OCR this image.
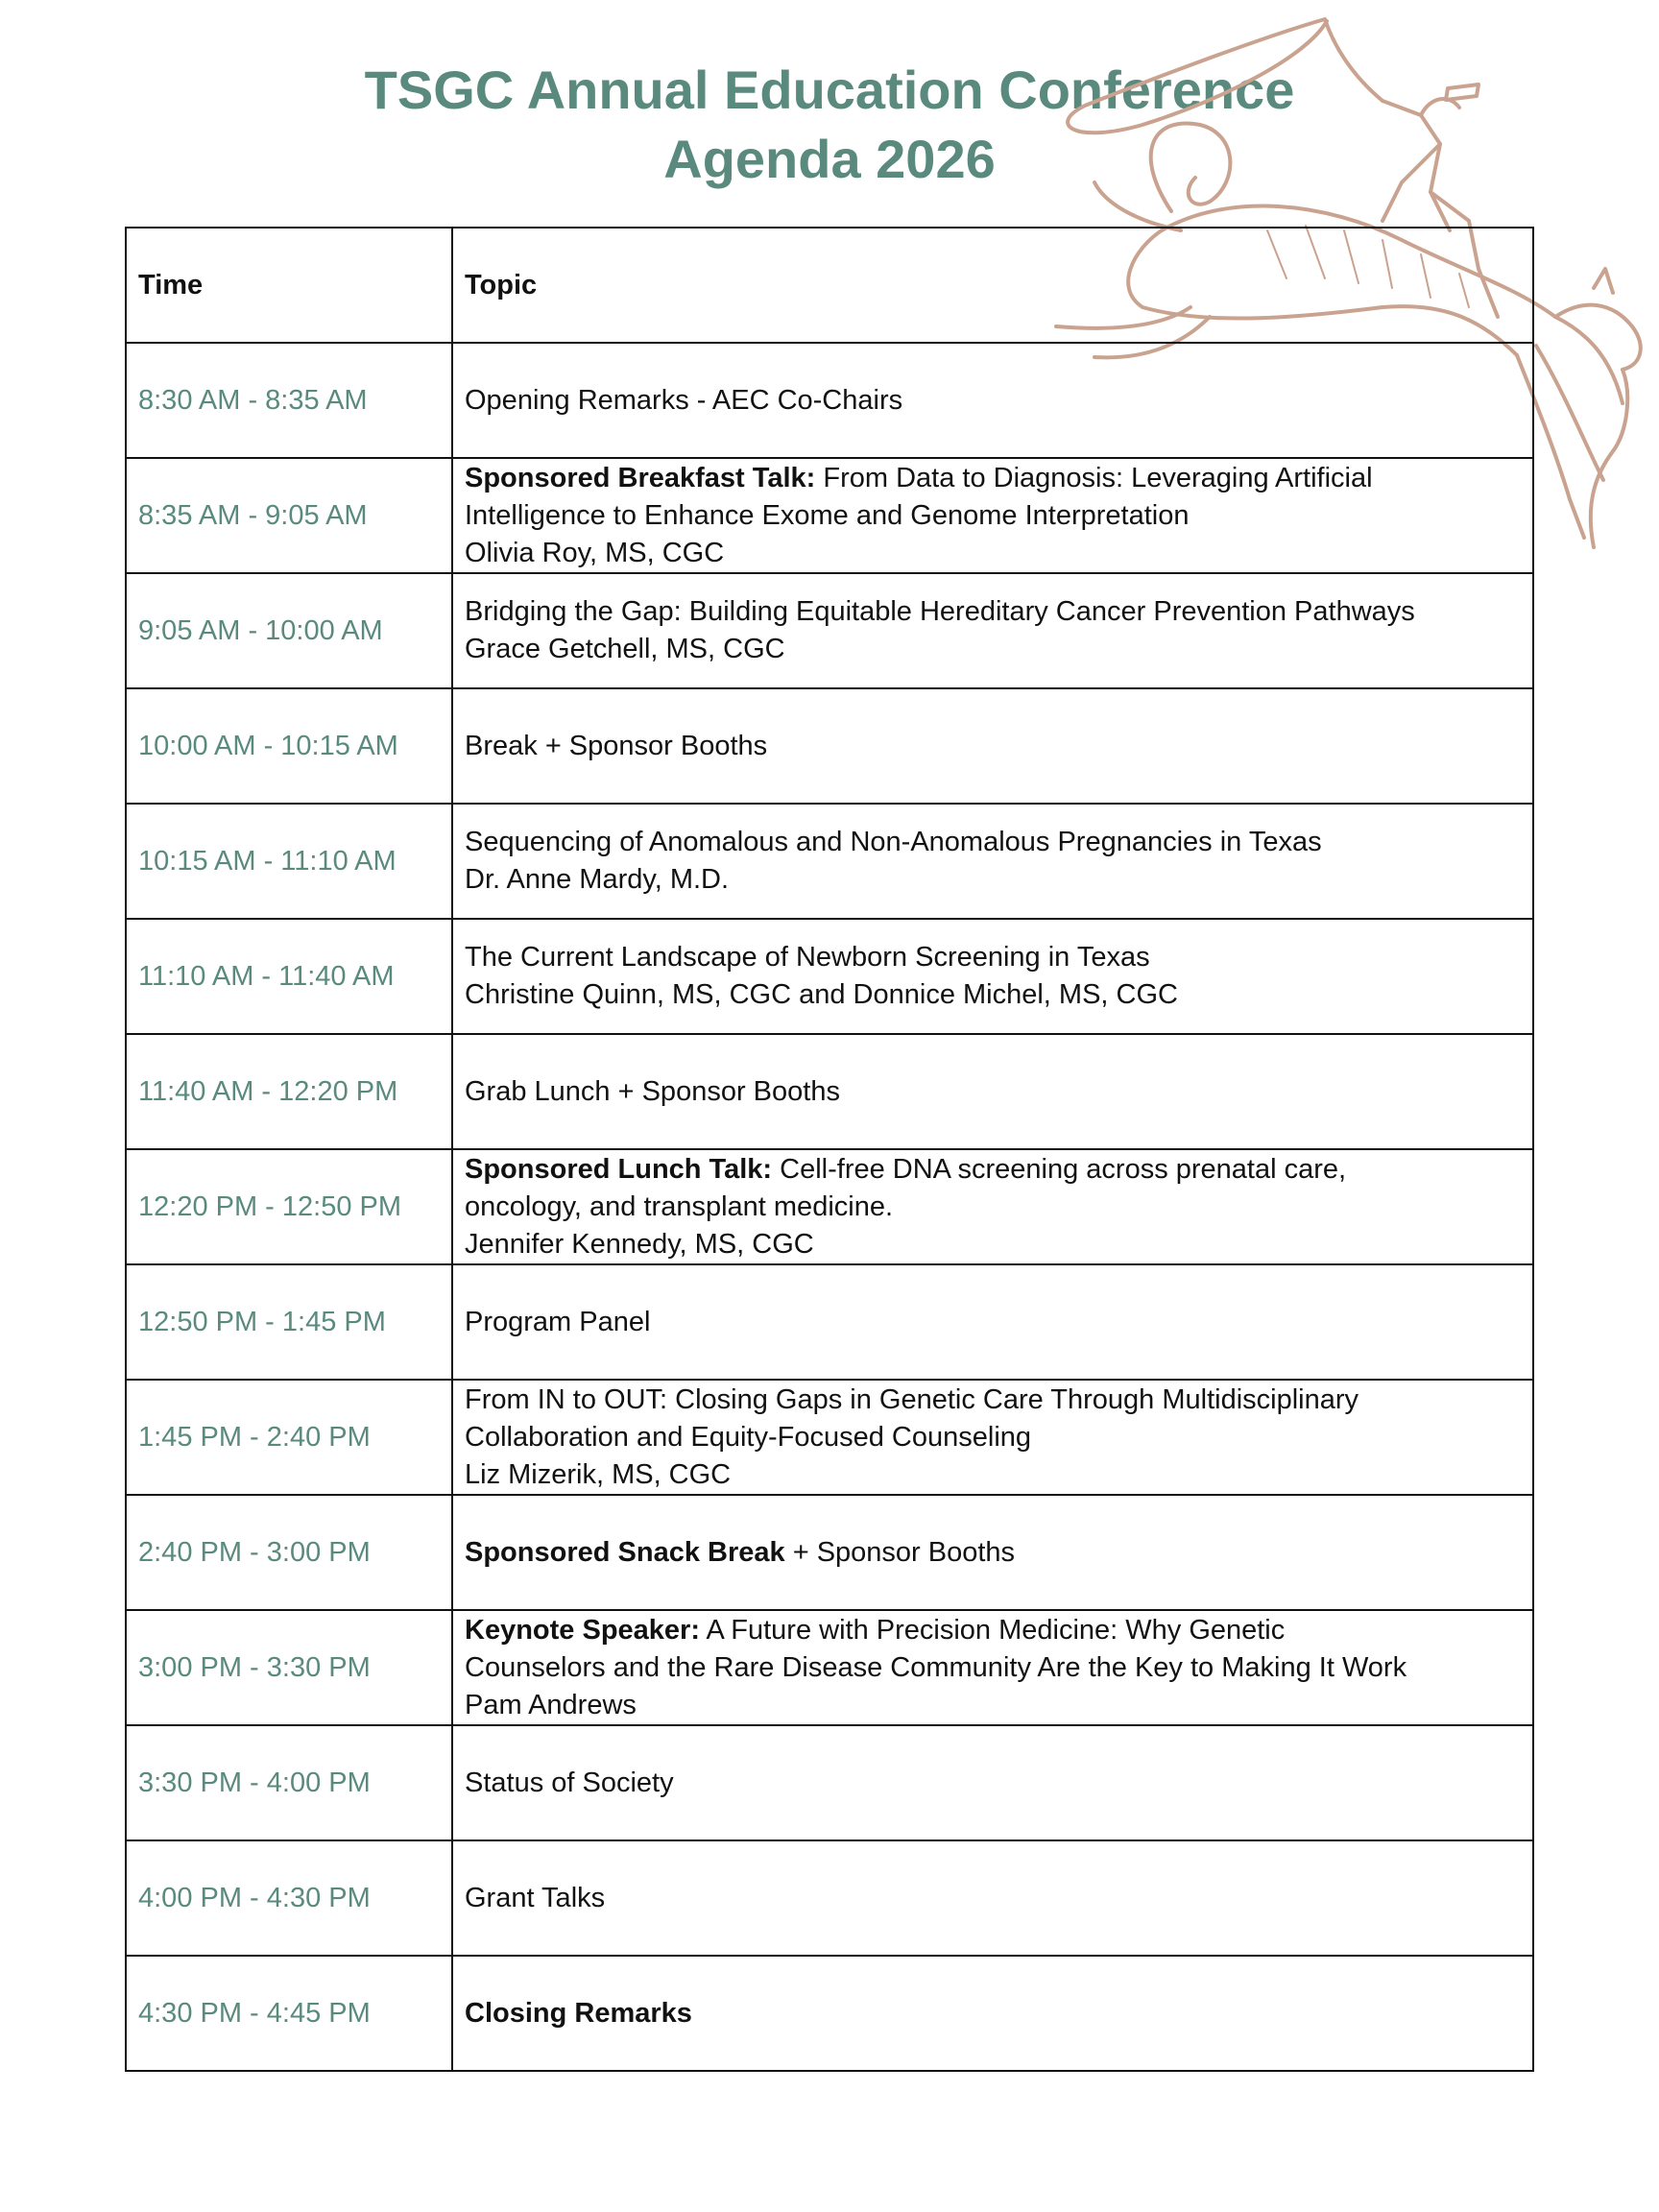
TSGC Annual Education Conference
Agenda 2026
Time	Topic
8:30 AM - 8:35 AM	Opening Remarks - AEC Co-Chairs

8:35 AM - 9:05 AM	Sponsored Breakfast Talk: From Data to Diagnosis: Leveraging Artificial
Intelligence to Enhance Exome and Genome Interpretation
Olivia Roy, MS, CGC

9:05 AM - 10:00 AM	Bridging the Gap: Building Equitable Hereditary Cancer Prevention Pathways
Grace Getchell, MS, CGC

10:00 AM - 10:15 AM	Break + Sponsor Booths

10:15 AM - 11:10 AM	Sequencing of Anomalous and Non-Anomalous Pregnancies in Texas
Dr. Anne Mardy, M.D.

11:10 AM - 11:40 AM	The Current Landscape of Newborn Screening in Texas
Christine Quinn, MS, CGC and Donnice Michel, MS, CGC

11:40 AM - 12:20 PM	Grab Lunch + Sponsor Booths

12:20 PM - 12:50 PM	Sponsored Lunch Talk: Cell-free DNA screening across prenatal care,
oncology, and transplant medicine.
Jennifer Kennedy, MS, CGC

12:50 PM - 1:45 PM	Program Panel

1:45 PM - 2:40 PM	From IN to OUT: Closing Gaps in Genetic Care Through Multidisciplinary
Collaboration and Equity-Focused Counseling
Liz Mizerik, MS, CGC

2:40 PM - 3:00 PM	Sponsored Snack Break + Sponsor Booths

3:00 PM - 3:30 PM	Keynote Speaker: A Future with Precision Medicine: Why Genetic
Counselors and the Rare Disease Community Are the Key to Making It Work
Pam Andrews

3:30 PM - 4:00 PM	Status of Society

4:00 PM - 4:30 PM	Grant Talks

4:30 PM - 4:45 PM	Closing Remarks
